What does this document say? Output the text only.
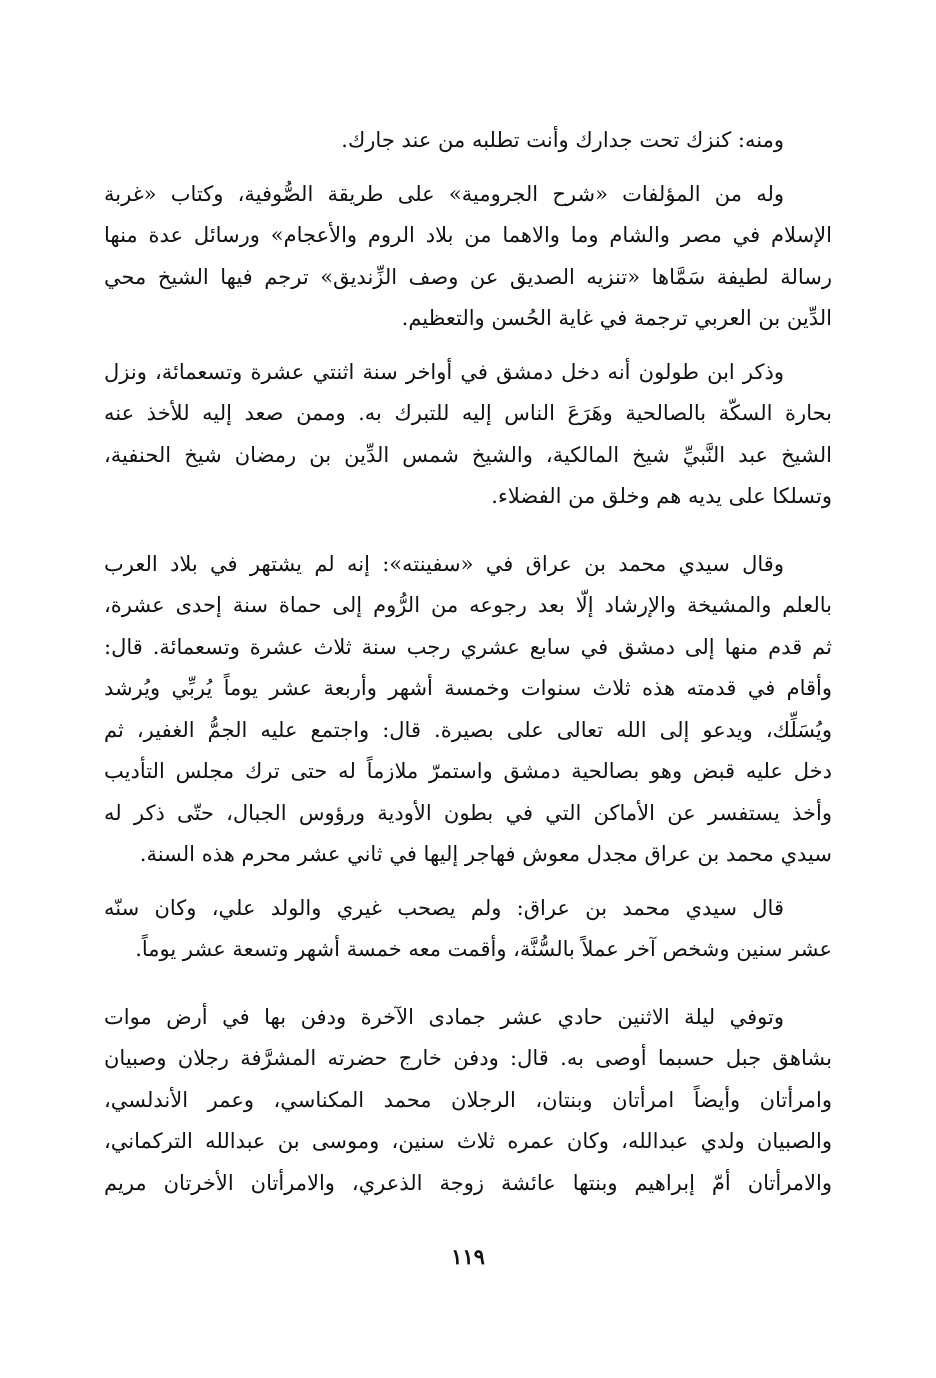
ومنه: كنزك تحت جدارك وأنت تطلبه من عند جارك.

وله من المؤلفات «شرح الجرومية» على طريقة الصُّوفية، وكتاب «غربة
الإسلام في مصر والشام وما والاهما من بلاد الروم والأعجام» ورسائل عدة منها
رسالة لطيفة سَمَّاها «تنزيه الصديق عن وصف الزِّنديق» ترجم فيها الشيخ محي
الدِّين بن العربي ترجمة في غاية الحُسن والتعظيم.

وذكر ابن طولون أنه دخل دمشق في أواخر سنة اثنتي عشرة وتسعمائة، ونزل
بحارة السكّة بالصالحية وهَرَعَ الناس إليه للتبرك به. وممن صعد إليه للأخذ عنه
الشيخ عبد النَّبيِّ شيخ المالكية، والشيخ شمس الدِّين بن رمضان شيخ الحنفية،
وتسلكا على يديه هم وخلق من الفضلاء.

وقال سيدي محمد بن عراق في «سفينته»: إنه لم يشتهر في بلاد العرب
بالعلم والمشيخة والإرشاد إلّا بعد رجوعه من الرُّوم إلى حماة سنة إحدى عشرة،
ثم قدم منها إلى دمشق في سابع عشري رجب سنة ثلاث عشرة وتسعمائة. قال:
وأقام في قدمته هذه ثلاث سنوات وخمسة أشهر وأربعة عشر يوماً يُربِّي ويُرشد
ويُسَلِّك، ويدعو إلى الله تعالى على بصيرة. قال: واجتمع عليه الجمُّ الغفير، ثم
دخل عليه قبض وهو بصالحية دمشق واستمرّ ملازماً له حتى ترك مجلس التأديب
وأخذ يستفسر عن الأماكن التي في بطون الأودية ورؤوس الجبال، حتّى ذكر له
سيدي محمد بن عراق مجدل معوش فهاجر إليها في ثاني عشر محرم هذه السنة.

قال سيدي محمد بن عراق: ولم يصحب غيري والولد علي، وكان سنّه
عشر سنين وشخص آخر عملاً بالسُّنَّة، وأقمت معه خمسة أشهر وتسعة عشر يوماً.

وتوفي ليلة الاثنين حادي عشر جمادى الآخرة ودفن بها في أرض موات
بشاهق جبل حسبما أوصى به. قال: ودفن خارج حضرته المشرَّفة رجلان وصبيان
وامرأتان وأيضاً امرأتان وبنتان، الرجلان محمد المكناسي، وعمر الأندلسي،
والصبيان ولدي عبدالله، وكان عمره ثلاث سنين، وموسى بن عبدالله التركماني،
والامرأتان أمّ إبراهيم وبنتها عائشة زوجة الذعري، والامرأتان الأخرتان مريم

١١٩
